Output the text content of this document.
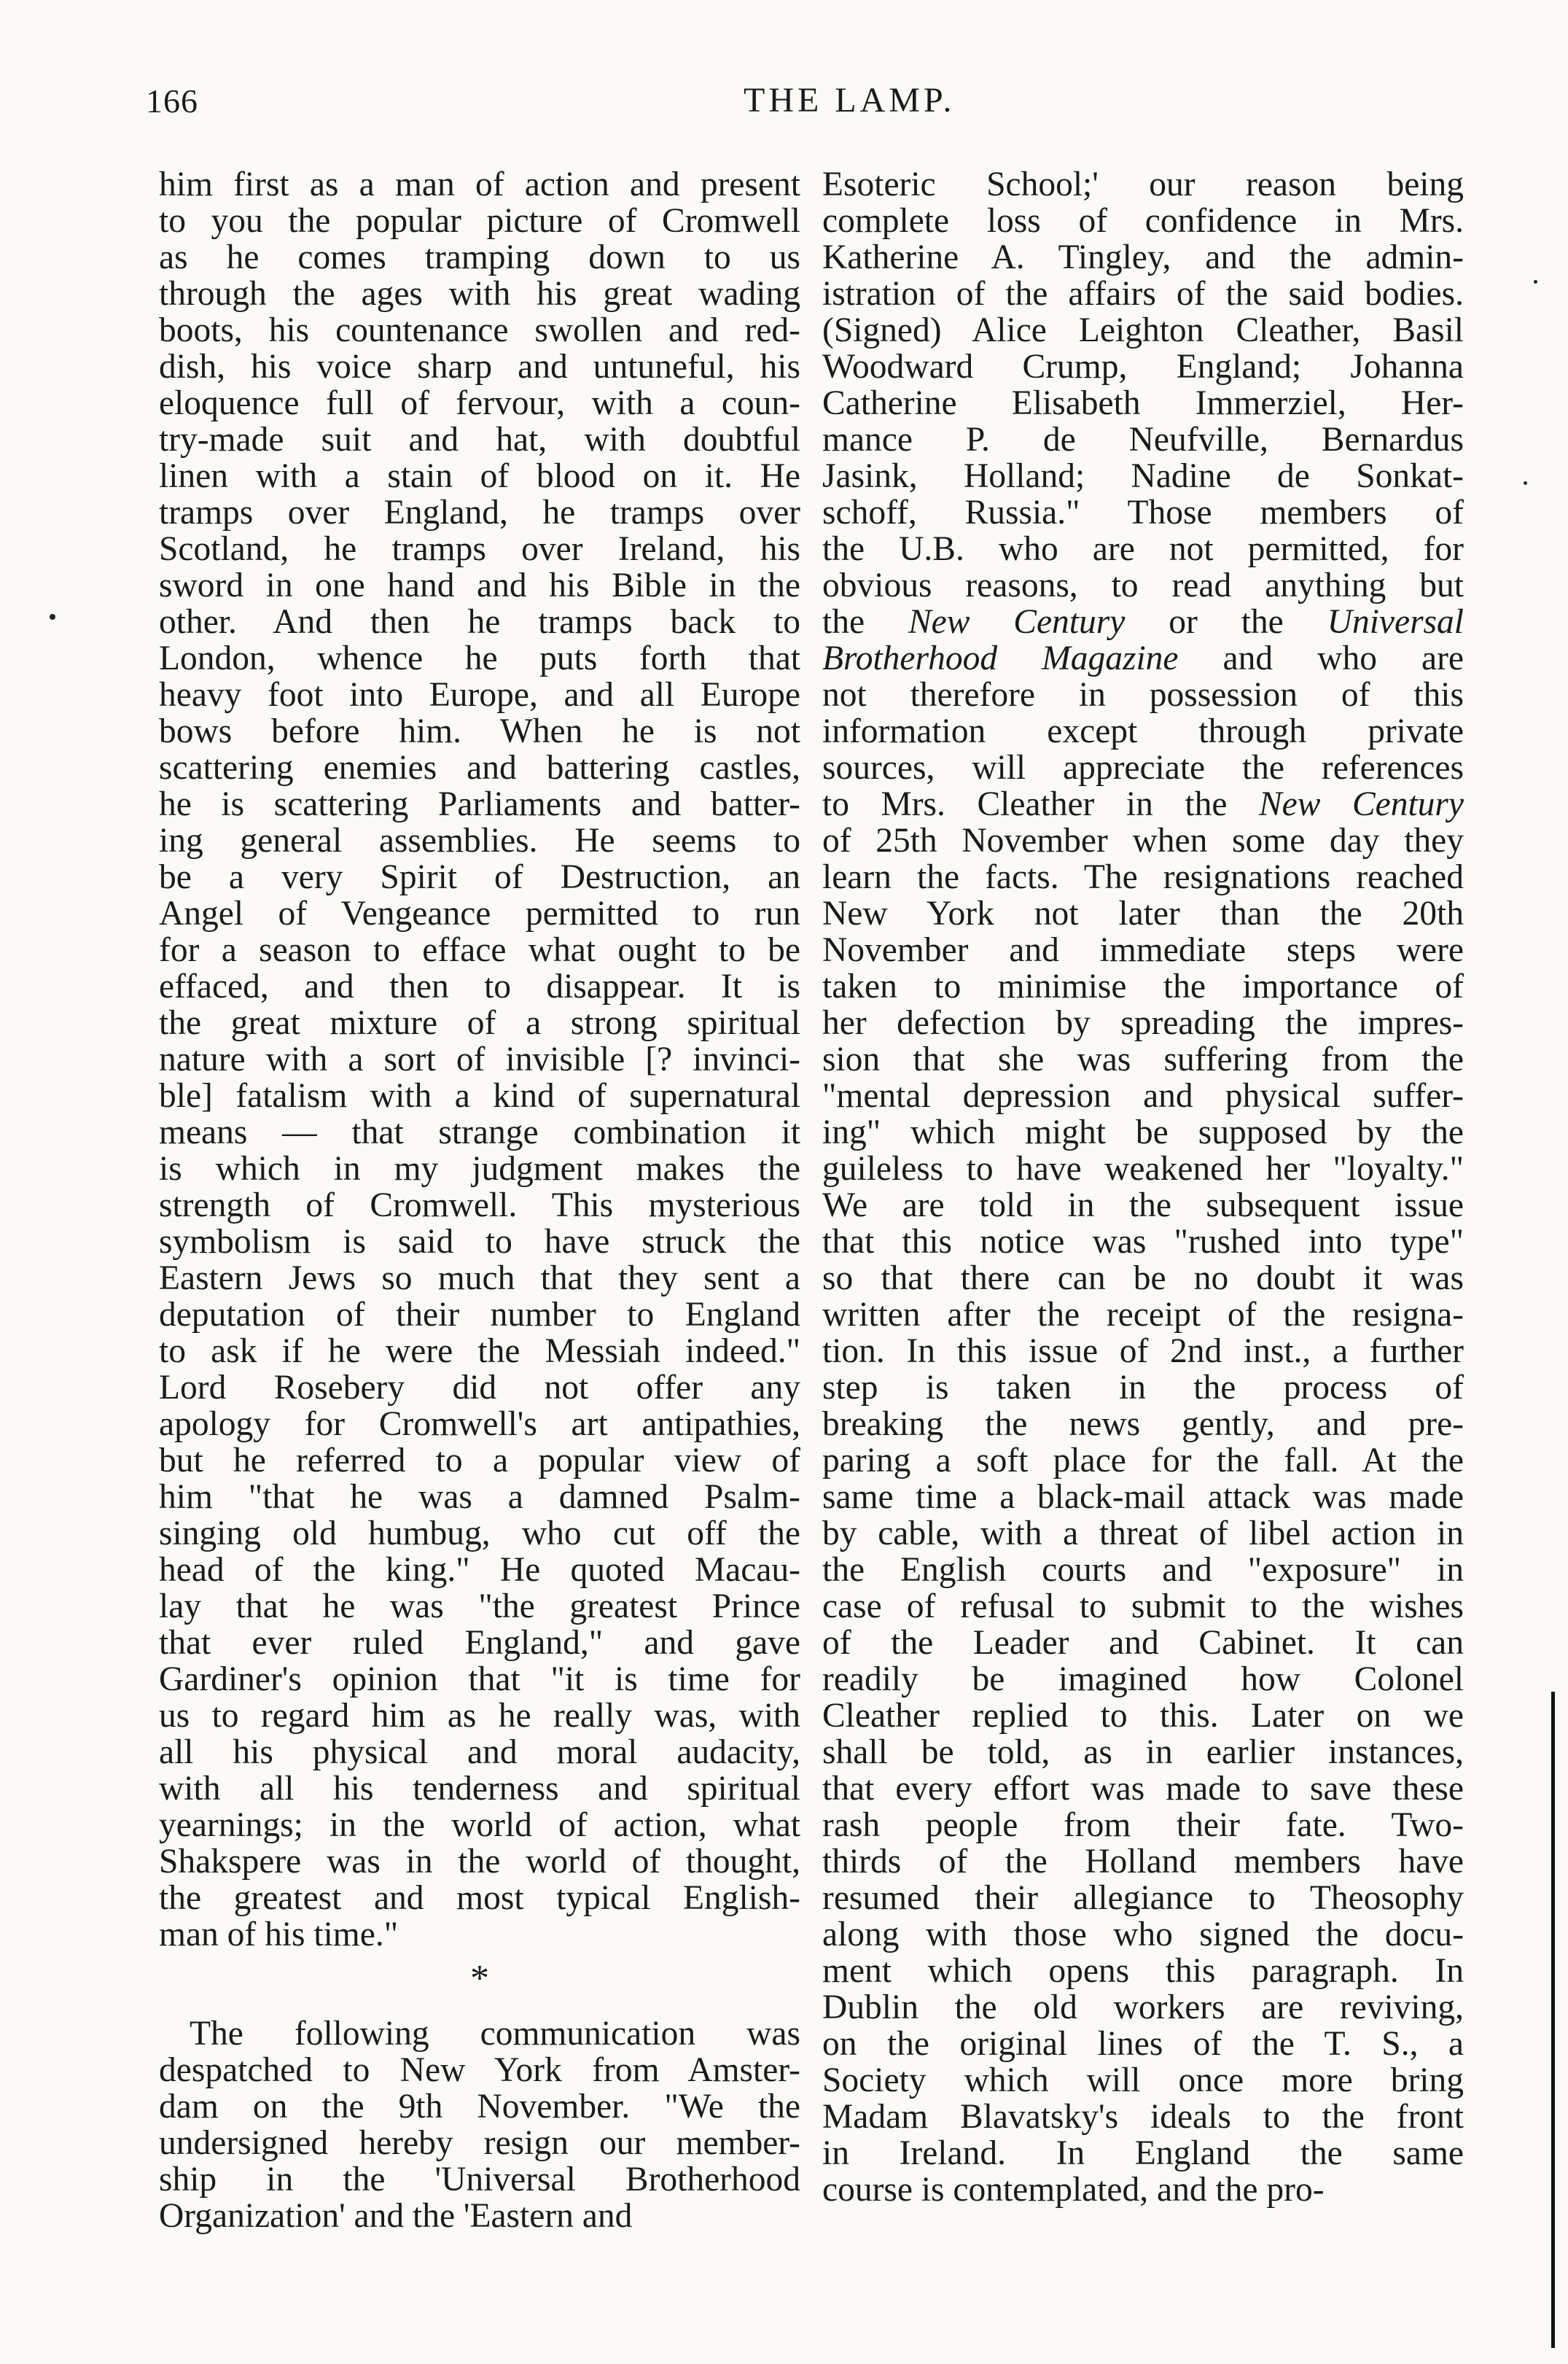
166	THE LAMP.
him first as a man of action and present
to you the popular picture of Cromwell
as he comes tramping down to us
through the ages with his great wading
boots, his countenance swollen and red-
dish, his voice sharp and untuneful, his
eloquence full of fervour, with a coun-
try-made suit and hat, with doubtful
linen with a stain of blood on it. He
tramps over England, he tramps over
Scotland, he tramps over Ireland, his
sword in one hand and his Bible in the
other. And then he tramps back to
London, whence he puts forth that
heavy foot into Europe, and all Europe
bows before him. When he is not
scattering enemies and battering castles,
he is scattering Parliaments and batter-
ing general assemblies. He seems to
be a very Spirit of Destruction, an
Angel of Vengeance permitted to run
for a season to efface what ought to be
effaced, and then to disappear. It is
the great mixture of a strong spiritual
nature with a sort of invisible [? invinci-
ble] fatalism with a kind of supernatural
means — that strange combination it
is which in my judgment makes the
strength of Cromwell. This mysterious
symbolism is said to have struck the
Eastern Jews so much that they sent a
deputation of their number to England
to ask if he were the Messiah indeed."
Lord Rosebery did not offer any
apology for Cromwell's art antipathies,
but he referred to a popular view of
him "that he was a damned Psalm-
singing old humbug, who cut off the
head of the king." He quoted Macau-
lay that he was "the greatest Prince
that ever ruled England," and gave
Gardiner's opinion that "it is time for
us to regard him as he really was, with
all his physical and moral audacity,
with all his tenderness and spiritual
yearnings; in the world of action, what
Shakspere was in the world of thought,
the greatest and most typical English-
man of his time."
*
The following communication was
despatched to New York from Amster-
dam on the 9th November. "We the
undersigned hereby resign our member-
ship in the 'Universal Brotherhood
Organization' and the 'Eastern and
Esoteric School;' our reason being
complete loss of confidence in Mrs.
Katherine A. Tingley, and the admin-
istration of the affairs of the said bodies.
(Signed) Alice Leighton Cleather, Basil
Woodward Crump, England; Johanna
Catherine Elisabeth Immerziel, Her-
mance P. de Neufville, Bernardus
Jasink, Holland; Nadine de Sonkat-
schoff, Russia." Those members of
the U.B. who are not permitted, for
obvious reasons, to read anything but
the New Century or the Universal
Brotherhood Magazine and who are
not therefore in possession of this
information except through private
sources, will appreciate the references
to Mrs. Cleather in the New Century
of 25th November when some day they
learn the facts. The resignations reached
New York not later than the 20th
November and immediate steps were
taken to minimise the importance of
her defection by spreading the impres-
sion that she was suffering from the
"mental depression and physical suffer-
ing" which might be supposed by the
guileless to have weakened her "loyalty."
We are told in the subsequent issue
that this notice was "rushed into type"
so that there can be no doubt it was
written after the receipt of the resigna-
tion. In this issue of 2nd inst., a further
step is taken in the process of
breaking the news gently, and pre-
paring a soft place for the fall. At the
same time a black-mail attack was made
by cable, with a threat of libel action in
the English courts and "exposure" in
case of refusal to submit to the wishes
of the Leader and Cabinet. It can
readily be imagined how Colonel
Cleather replied to this. Later on we
shall be told, as in earlier instances,
that every effort was made to save these
rash people from their fate. Two-
thirds of the Holland members have
resumed their allegiance to Theosophy
along with those who signed the docu-
ment which opens this paragraph. In
Dublin the old workers are reviving,
on the original lines of the T. S., a
Society which will once more bring
Madam Blavatsky's ideals to the front
in Ireland. In England the same
course is contemplated, and the pro-
